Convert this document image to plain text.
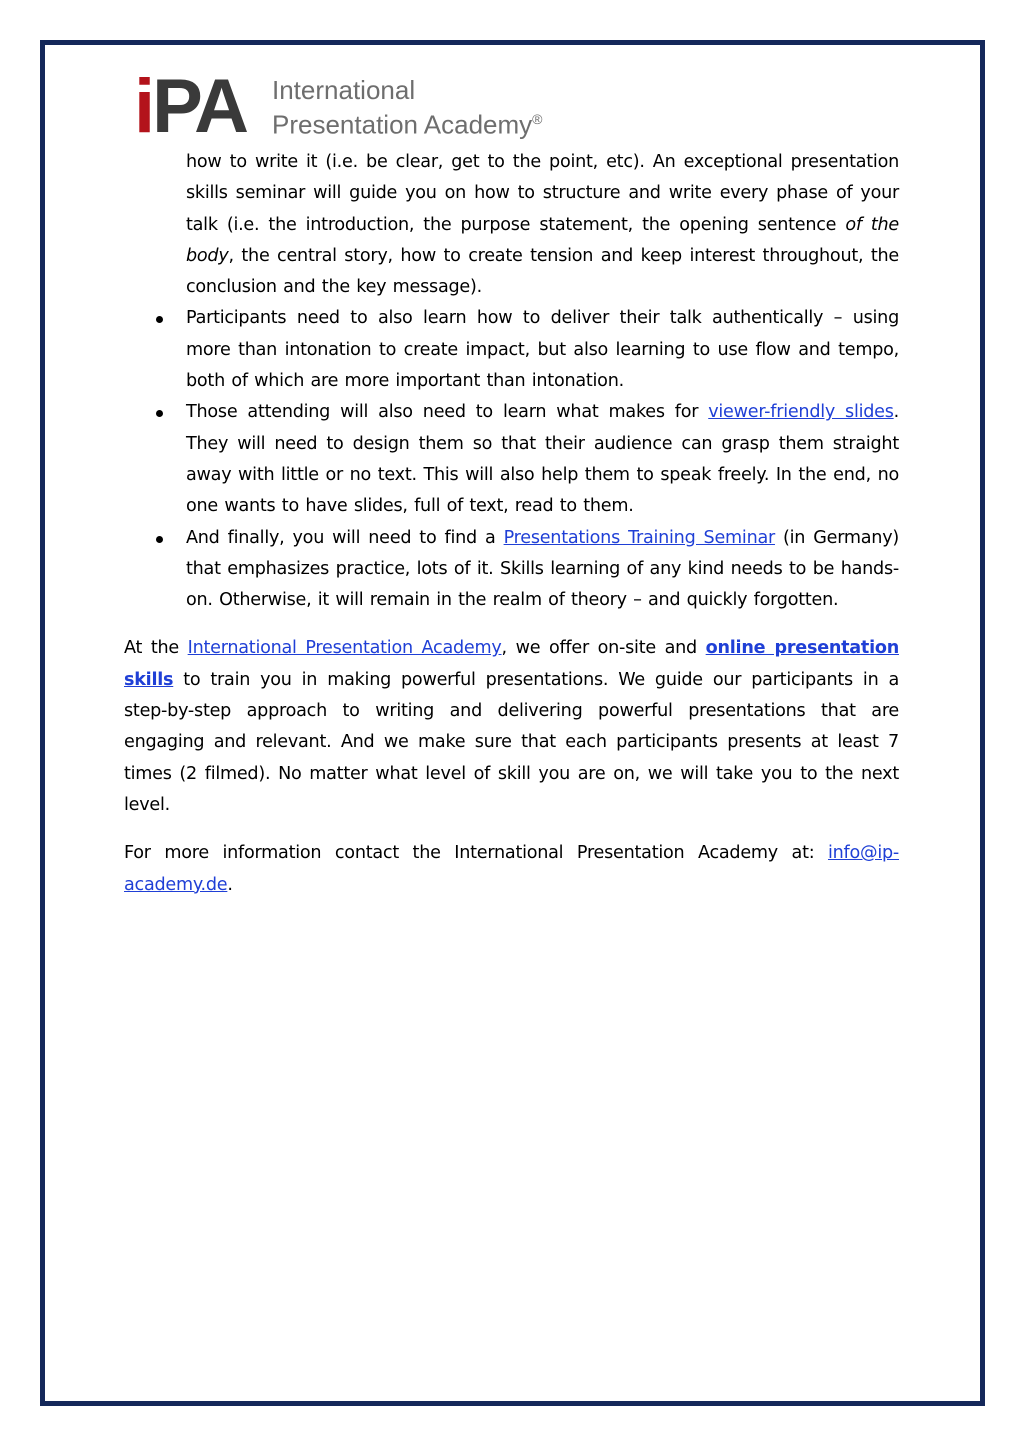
i PA International
Presentation Academy®
how to write it (i.e. be clear, get to the point, etc). An exceptional presentation skills seminar will guide you on how to structure and write every phase of your talk (i.e. the introduction, the purpose statement, the opening sentence of the body, the central story, how to create tension and keep interest throughout, the conclusion and the key message).
Participants need to also learn how to deliver their talk authentically – using more than intonation to create impact, but also learning to use flow and tempo, both of which are more important than intonation.
Those attending will also need to learn what makes for viewer-friendly slides. They will need to design them so that their audience can grasp them straight away with little or no text. This will also help them to speak freely. In the end, no one wants to have slides, full of text, read to them.
And finally, you will need to find a Presentations Training Seminar (in Germany) that emphasizes practice, lots of it. Skills learning of any kind needs to be hands-on. Otherwise, it will remain in the realm of theory – and quickly forgotten.

At the International Presentation Academy, we offer on-site and online presentation skills to train you in making powerful presentations. We guide our participants in a step-by-step approach to writing and delivering powerful presentations that are engaging and relevant. And we make sure that each participants presents at least 7 times (2 filmed). No matter what level of skill you are on, we will take you to the next level.

For more information contact the International Presentation Academy at: info@ip-academy.de.
